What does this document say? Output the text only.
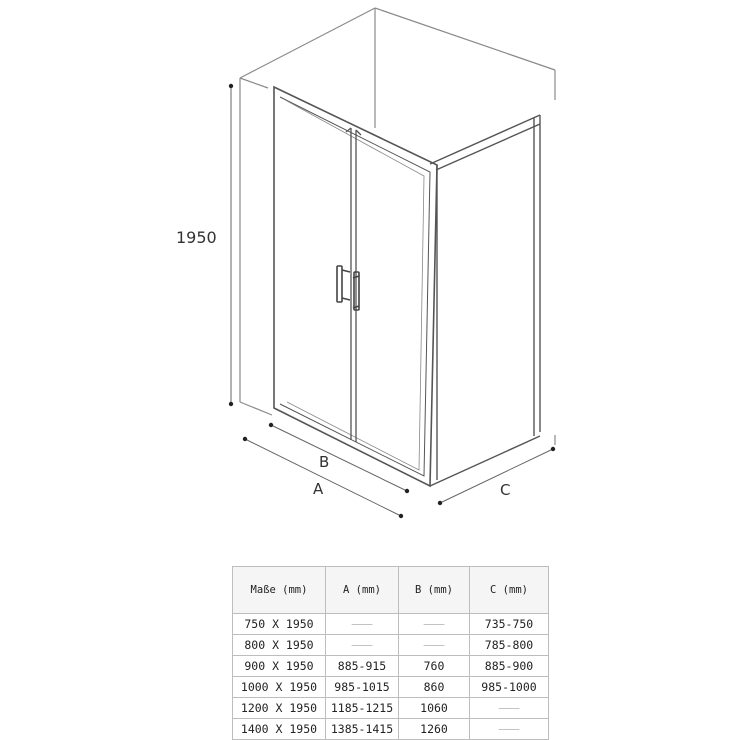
1950
B
A	C
Maße (mm)	A (mm)	B (mm)	C (mm)
750 X 1950	———	———	735-750
800 X 1950	———	———	785-800
900 X 1950	885-915	760	885-900
1000 X 1950	985-1015	860	985-1000
1200 X 1950	1185-1215	1060	———
1400 X 1950	1385-1415	1260	———
